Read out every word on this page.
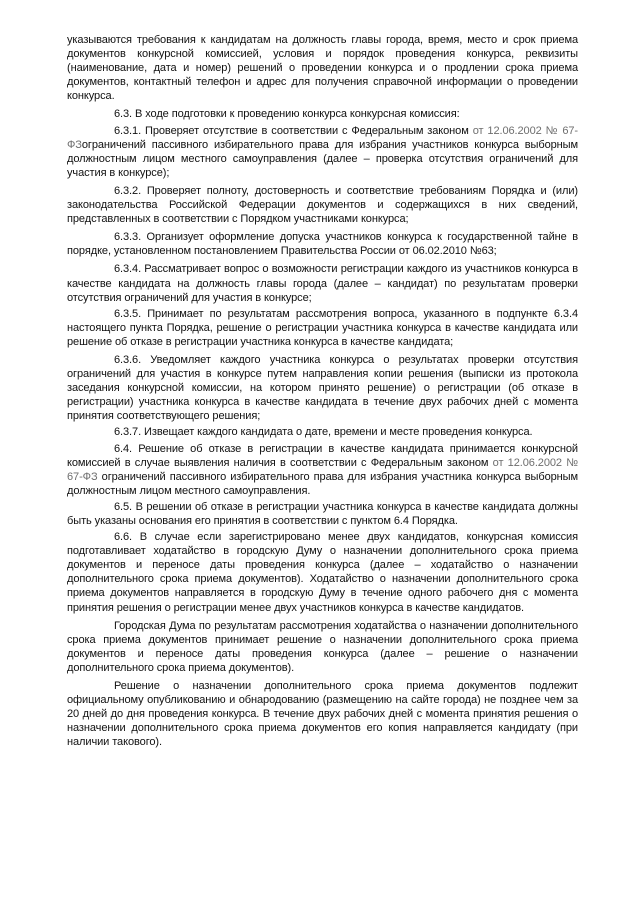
указываются требования к кандидатам на должность главы города, время, место и срок приема документов конкурсной комиссией, условия и порядок проведения конкурса, реквизиты (наименование, дата и номер) решений о проведении конкурса и о продлении срока приема документов, контактный телефон и адрес для получения справочной информации о проведении конкурса.

6.3. В ходе подготовки к проведению конкурса конкурсная комиссия:

6.3.1. Проверяет отсутствие в соответствии с Федеральным законом от 12.06.2002 № 67-ФЗограничений пассивного избирательного права для избрания участников конкурса выборным должностным лицом местного самоуправления (далее – проверка отсутствия ограничений для участия в конкурсе);

6.3.2. Проверяет полноту, достоверность и соответствие требованиям Порядка и (или) законодательства Российской Федерации документов и содержащихся в них сведений, представленных в соответствии с Порядком участниками конкурса;

6.3.3. Организует оформление допуска участников конкурса к государственной тайне в порядке, установленном постановлением Правительства России от 06.02.2010 №63;

6.3.4. Рассматривает вопрос о возможности регистрации каждого из участников конкурса в качестве кандидата на должность главы города (далее – кандидат) по результатам проверки отсутствия ограничений для участия в конкурсе;

6.3.5. Принимает по результатам рассмотрения вопроса, указанного в подпункте 6.3.4 настоящего пункта Порядка, решение о регистрации участника конкурса в качестве кандидата или решение об отказе в регистрации участника конкурса в качестве кандидата;

6.3.6. Уведомляет каждого участника конкурса о результатах проверки отсутствия ограничений для участия в конкурсе путем направления копии решения (выписки из протокола заседания конкурсной комиссии, на котором принято решение) о регистрации (об отказе в регистрации) участника конкурса в качестве кандидата в течение двух рабочих дней с момента принятия соответствующего решения;

6.3.7. Извещает каждого кандидата о дате, времени и месте проведения конкурса.

6.4. Решение об отказе в регистрации в качестве кандидата принимается конкурсной комиссией в случае выявления наличия в соответствии с Федеральным законом от 12.06.2002 № 67-ФЗ ограничений пассивного избирательного права для избрания участника конкурса выборным должностным лицом местного самоуправления.

6.5. В решении об отказе в регистрации участника конкурса в качестве кандидата должны быть указаны основания его принятия в соответствии с пунктом 6.4 Порядка.

6.6. В случае если зарегистрировано менее двух кандидатов, конкурсная комиссия подготавливает ходатайство в городскую Думу о назначении дополнительного срока приема документов и переносе даты проведения конкурса (далее – ходатайство о назначении дополнительного срока приема документов). Ходатайство о назначении дополнительного срока приема документов направляется в городскую Думу в течение одного рабочего дня с момента принятия решения о регистрации менее двух участников конкурса в качестве кандидатов.

Городская Дума по результатам рассмотрения ходатайства о назначении дополнительного срока приема документов принимает решение о назначении дополнительного срока приема документов и переносе даты проведения конкурса (далее – решение о назначении дополнительного срока приема документов).

Решение о назначении дополнительного срока приема документов подлежит официальному опубликованию и обнародованию (размещению на сайте города) не позднее чем за 20 дней до дня проведения конкурса. В течение двух рабочих дней с момента принятия решения о назначении дополнительного срока приема документов его копия направляется кандидату (при наличии такового).
